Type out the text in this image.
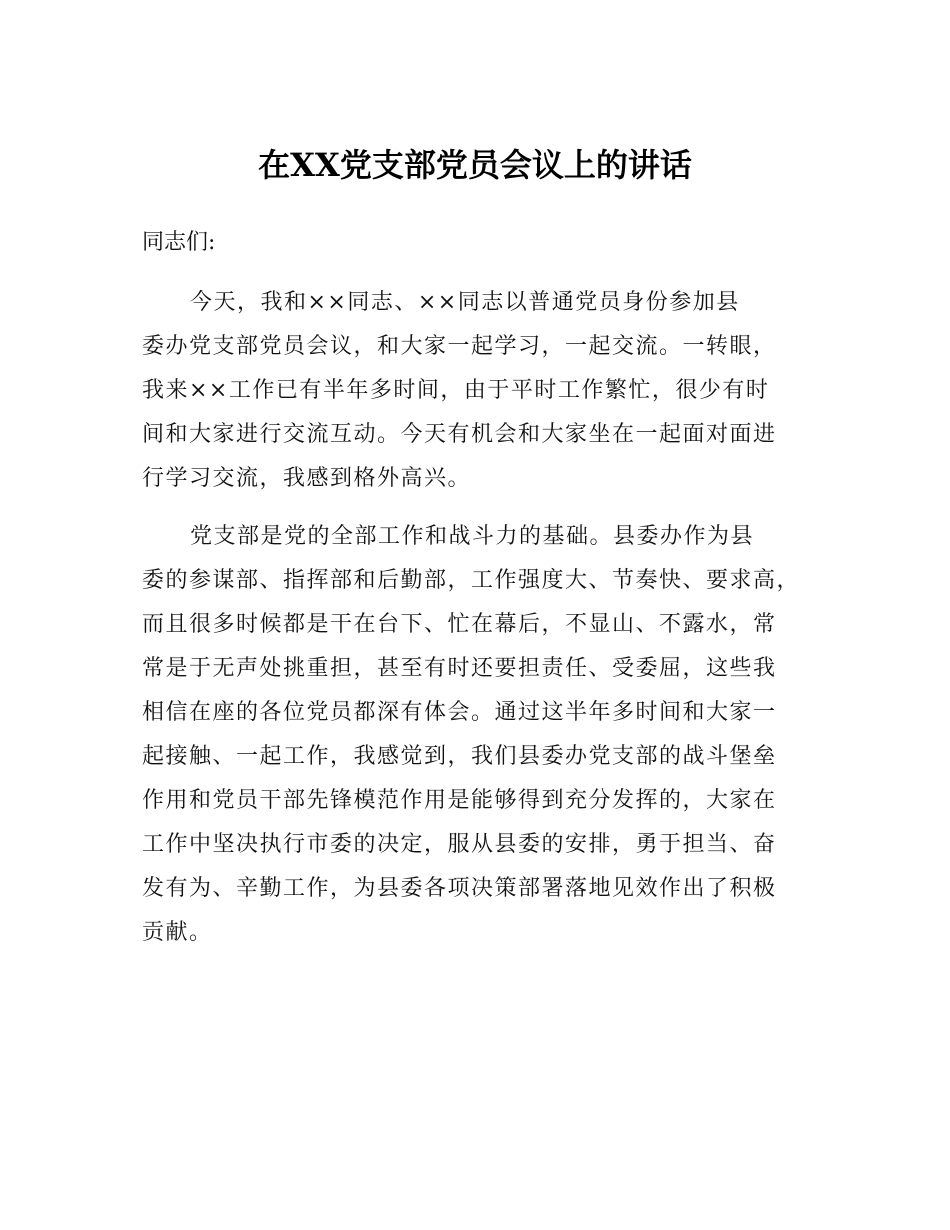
在XX党支部党员会议上的讲话

同志们:

今天，我和××同志、××同志以普通党员身份参加县
委办党支部党员会议，和大家一起学习，一起交流。一转眼，
我来××工作已有半年多时间，由于平时工作繁忙，很少有时
间和大家进行交流互动。今天有机会和大家坐在一起面对面进
行学习交流，我感到格外高兴。
党支部是党的全部工作和战斗力的基础。县委办作为县
委的参谋部、指挥部和后勤部，工作强度大、节奏快、要求高，
而且很多时候都是干在台下、忙在幕后，不显山、不露水，常
常是于无声处挑重担，甚至有时还要担责任、受委屈，这些我
相信在座的各位党员都深有体会。通过这半年多时间和大家一
起接触、一起工作，我感觉到，我们县委办党支部的战斗堡垒
作用和党员干部先锋模范作用是能够得到充分发挥的，大家在
工作中坚决执行市委的决定，服从县委的安排，勇于担当、奋
发有为、辛勤工作，为县委各项决策部署落地见效作出了积极
贡献。
